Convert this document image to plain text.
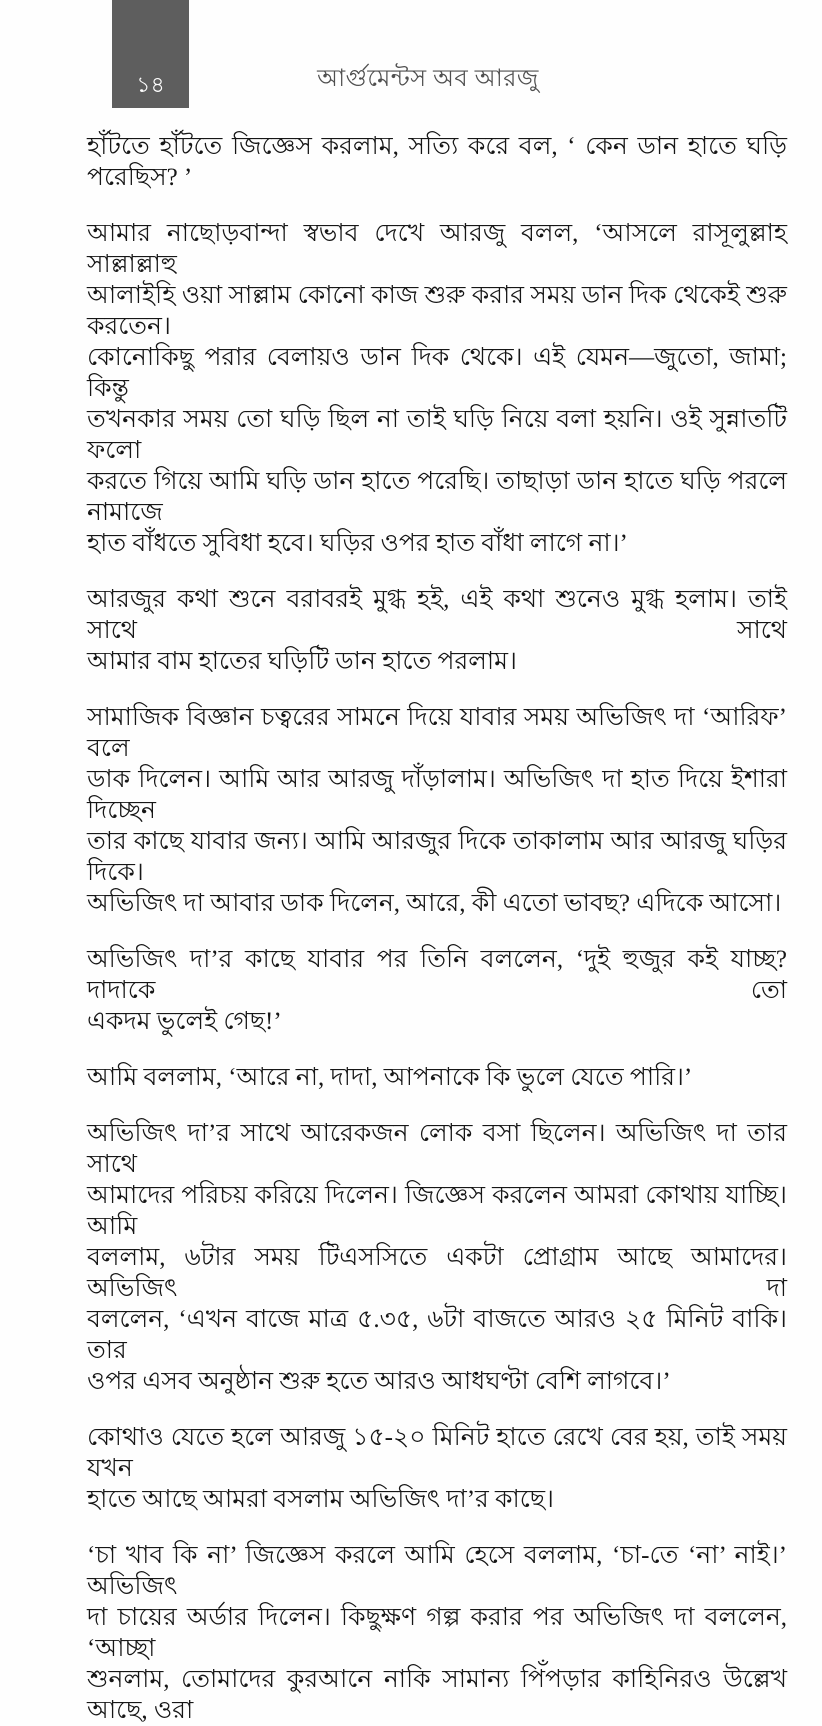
১৪	আর্গুমেন্টস অব আরজু
হাঁটতে হাঁটতে জিজ্ঞেস করলাম, সত্যি করে বল, ‘ কেন ডান হাতে ঘড়ি পরেছিস? ’
আমার নাছোড়বান্দা স্বভাব দেখে আরজু বলল, ‘আসলে রাসূলুল্লাহ সাল্লাল্লাহু
আলাইহি ওয়া সাল্লাম কোনো কাজ শুরু করার সময় ডান দিক থেকেই শুরু করতেন।
কোনোকিছু পরার বেলায়ও ডান দিক থেকে। এই যেমন—জুতো, জামা; কিন্তু
তখনকার সময় তো ঘড়ি ছিল না তাই ঘড়ি নিয়ে বলা হয়নি। ওই সুন্নাতটি ফলো
করতে গিয়ে আমি ঘড়ি ডান হাতে পরেছি। তাছাড়া ডান হাতে ঘড়ি পরলে নামাজে
হাত বাঁধতে সুবিধা হবে। ঘড়ির ওপর হাত বাঁধা লাগে না।’
আরজুর কথা শুনে বরাবরই মুগ্ধ হই, এই কথা শুনেও মুগ্ধ হলাম। তাই সাথে সাথে
আমার বাম হাতের ঘড়িটি ডান হাতে পরলাম।
সামাজিক বিজ্ঞান চত্বরের সামনে দিয়ে যাবার সময় অভিজিৎ দা ‘আরিফ’ বলে
ডাক দিলেন। আমি আর আরজু দাঁড়ালাম। অভিজিৎ দা হাত দিয়ে ইশারা দিচ্ছেন
তার কাছে যাবার জন্য। আমি আরজুর দিকে তাকালাম আর আরজু ঘড়ির দিকে।
অভিজিৎ দা আবার ডাক দিলেন, আরে, কী এতো ভাবছ? এদিকে আসো।
অভিজিৎ দা’র কাছে যাবার পর তিনি বললেন, ‘দুই হুজুর কই যাচ্ছ? দাদাকে তো
একদম ভুলেই গেছ!’
আমি বললাম, ‘আরে না, দাদা, আপনাকে কি ভুলে যেতে পারি।’
অভিজিৎ দা’র সাথে আরেকজন লোক বসা ছিলেন। অভিজিৎ দা তার সাথে
আমাদের পরিচয় করিয়ে দিলেন। জিজ্ঞেস করলেন আমরা কোথায় যাচ্ছি। আমি
বললাম, ৬টার সময় টিএসসিতে একটা প্রোগ্রাম আছে আমাদের। অভিজিৎ দা
বললেন, ‘এখন বাজে মাত্র ৫.৩৫, ৬টা বাজতে আরও ২৫ মিনিট বাকি। তার
ওপর এসব অনুষ্ঠান শুরু হতে আরও আধঘণ্টা বেশি লাগবে।’
কোথাও যেতে হলে আরজু ১৫-২০ মিনিট হাতে রেখে বের হয়, তাই সময় যখন
হাতে আছে আমরা বসলাম অভিজিৎ দা’র কাছে।
‘চা খাব কি না’ জিজ্ঞেস করলে আমি হেসে বললাম, ‘চা-তে ‘না’ নাই।’ অভিজিৎ
দা চায়ের অর্ডার দিলেন। কিছুক্ষণ গল্প করার পর অভিজিৎ দা বললেন, ‘আচ্ছা
শুনলাম, তোমাদের কুরআনে নাকি সামান্য পিঁপড়ার কাহিনিরও উল্লেখ আছে, ওরা
